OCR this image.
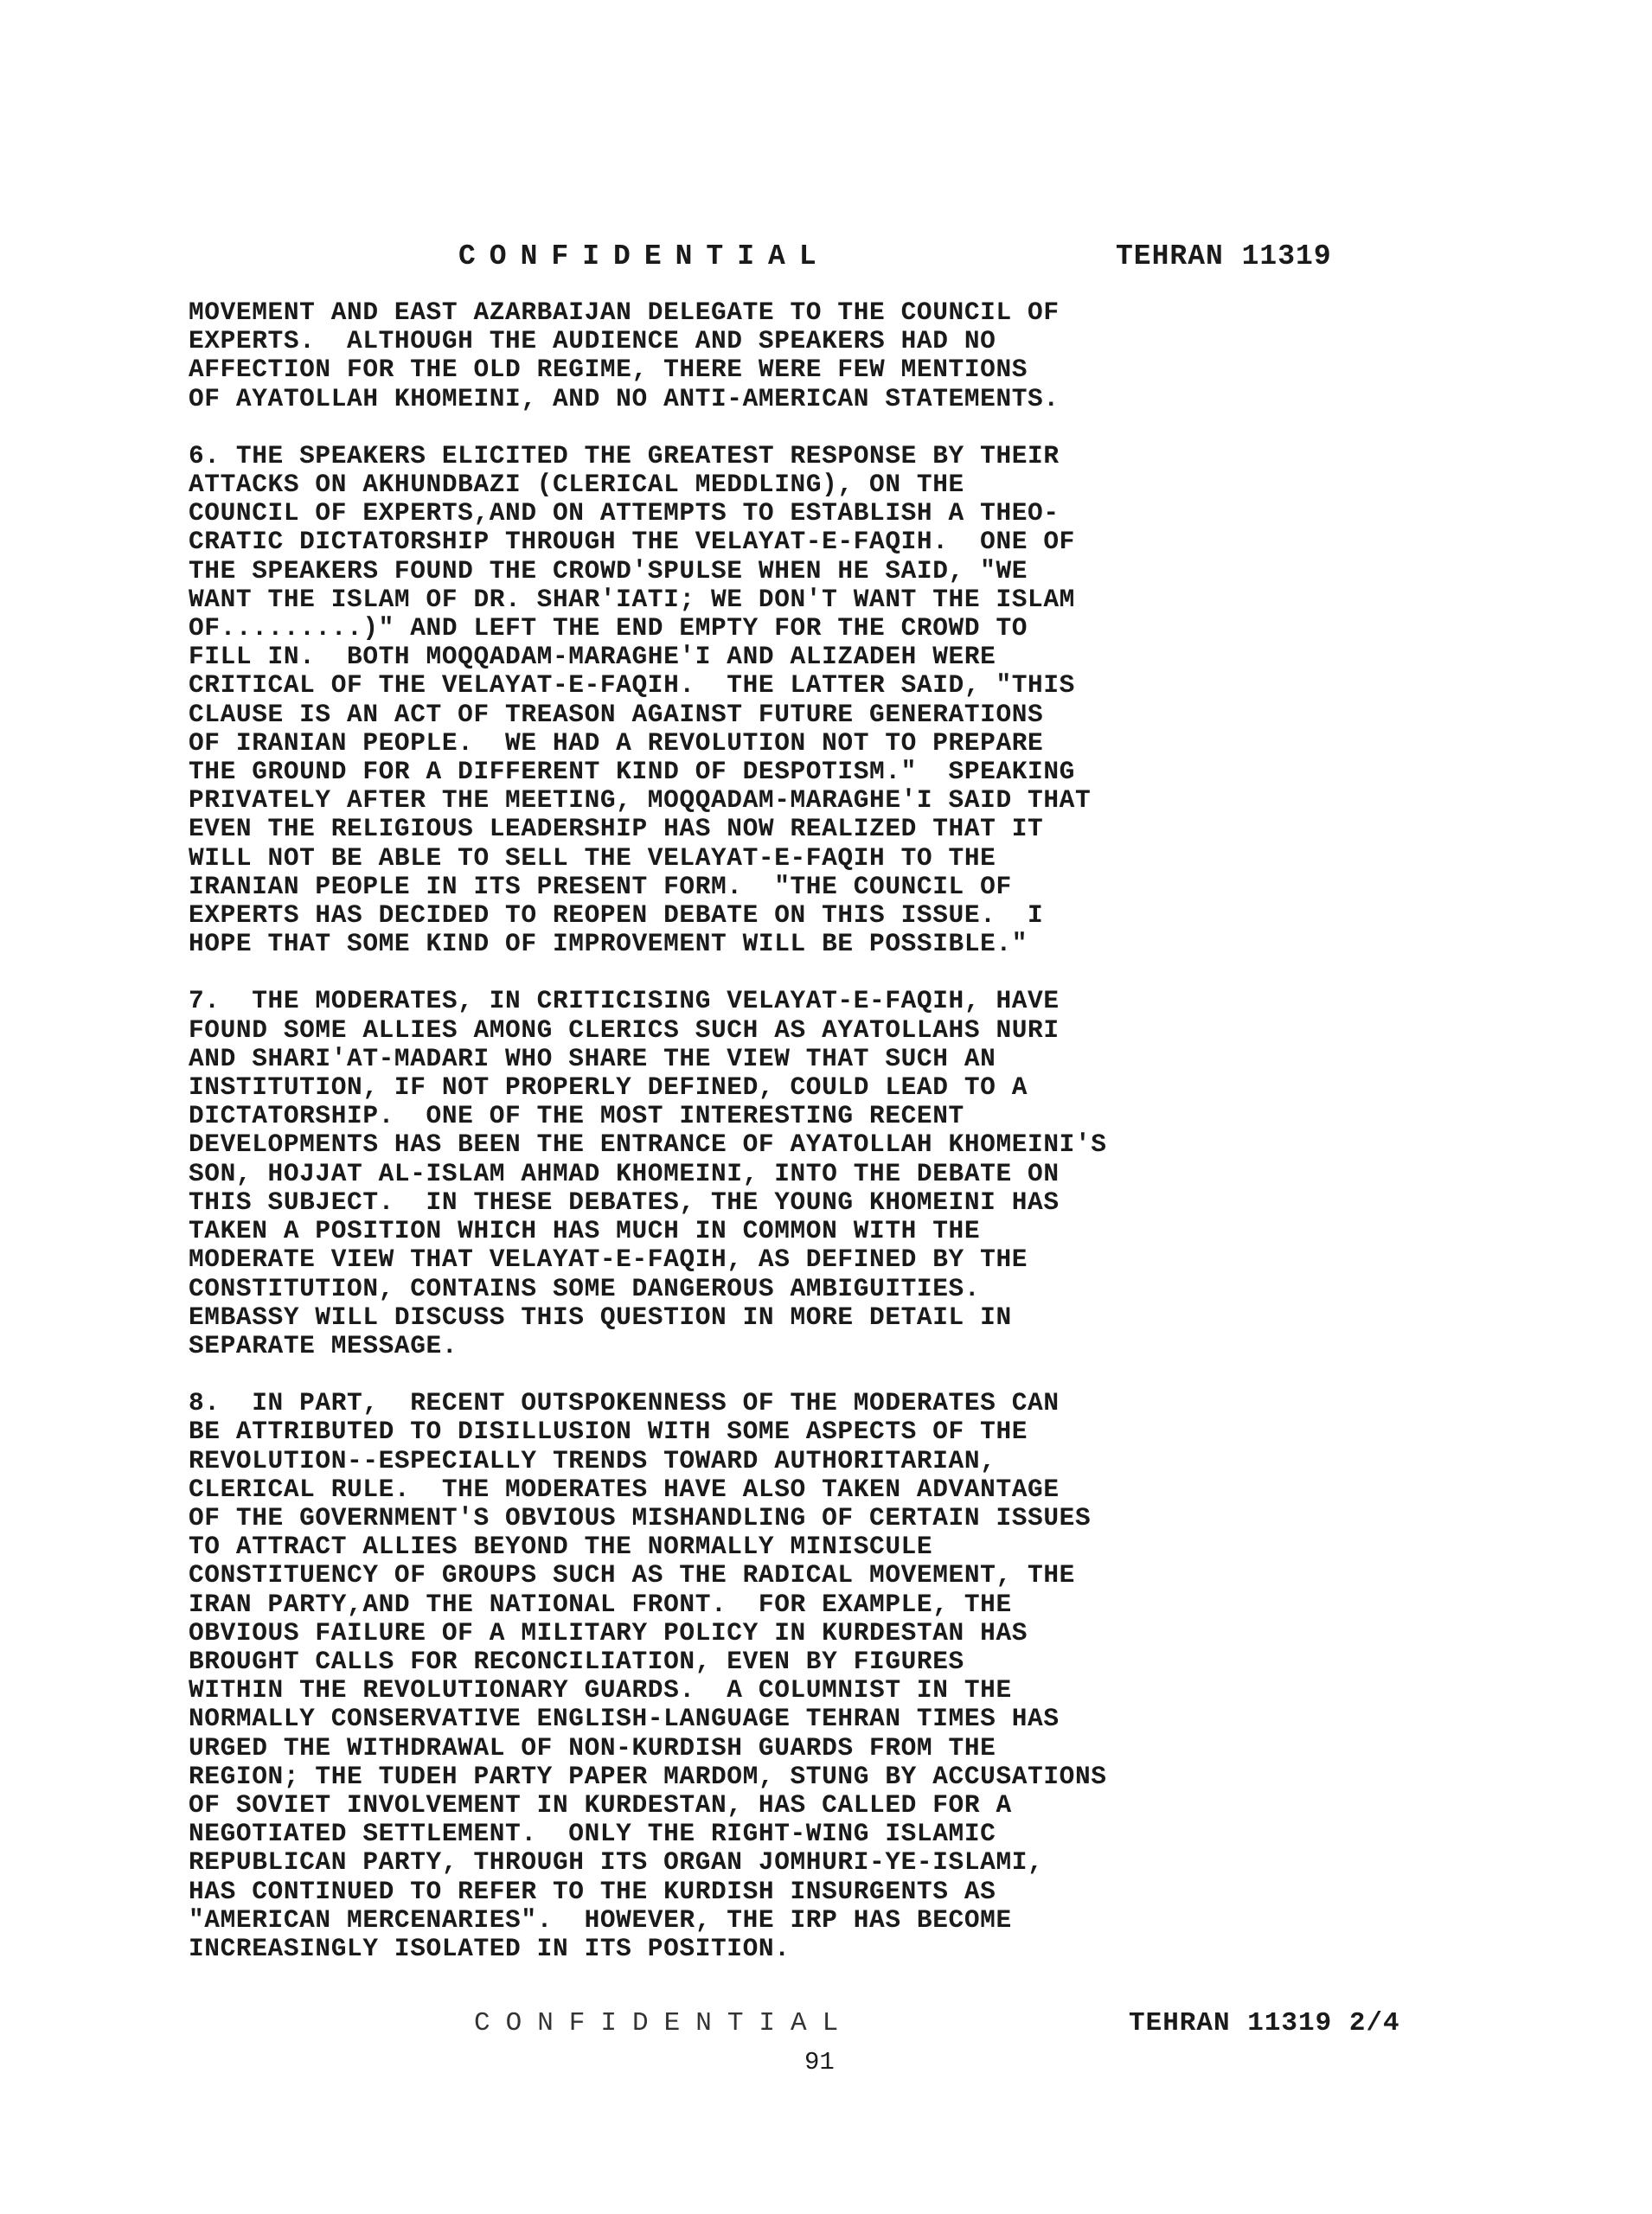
CONFIDENTIAL

	TEHRAN 11319

MOVEMENT AND EAST AZARBAIJAN DELEGATE TO THE COUNCIL OF
EXPERTS.  ALTHOUGH THE AUDIENCE AND SPEAKERS HAD NO
AFFECTION FOR THE OLD REGIME, THERE WERE FEW MENTIONS
OF AYATOLLAH KHOMEINI, AND NO ANTI-AMERICAN STATEMENTS.
6. THE SPEAKERS ELICITED THE GREATEST RESPONSE BY THEIR
ATTACKS ON AKHUNDBAZI (CLERICAL MEDDLING), ON THE
COUNCIL OF EXPERTS,AND ON ATTEMPTS TO ESTABLISH A THEO-
CRATIC DICTATORSHIP THROUGH THE VELAYAT-E-FAQIH.  ONE OF
THE SPEAKERS FOUND THE CROWD'SPULSE WHEN HE SAID, "WE
WANT THE ISLAM OF DR. SHAR'IATI; WE DON'T WANT THE ISLAM
OF.........)" AND LEFT THE END EMPTY FOR THE CROWD TO
FILL IN.  BOTH MOQQADAM-MARAGHE'I AND ALIZADEH WERE
CRITICAL OF THE VELAYAT-E-FAQIH.  THE LATTER SAID, "THIS
CLAUSE IS AN ACT OF TREASON AGAINST FUTURE GENERATIONS
OF IRANIAN PEOPLE.  WE HAD A REVOLUTION NOT TO PREPARE
THE GROUND FOR A DIFFERENT KIND OF DESPOTISM."  SPEAKING
PRIVATELY AFTER THE MEETING, MOQQADAM-MARAGHE'I SAID THAT
EVEN THE RELIGIOUS LEADERSHIP HAS NOW REALIZED THAT IT
WILL NOT BE ABLE TO SELL THE VELAYAT-E-FAQIH TO THE
IRANIAN PEOPLE IN ITS PRESENT FORM.  "THE COUNCIL OF
EXPERTS HAS DECIDED TO REOPEN DEBATE ON THIS ISSUE.  I
HOPE THAT SOME KIND OF IMPROVEMENT WILL BE POSSIBLE."
7.  THE MODERATES, IN CRITICISING VELAYAT-E-FAQIH, HAVE
FOUND SOME ALLIES AMONG CLERICS SUCH AS AYATOLLAHS NURI
AND SHARI'AT-MADARI WHO SHARE THE VIEW THAT SUCH AN
INSTITUTION, IF NOT PROPERLY DEFINED, COULD LEAD TO A
DICTATORSHIP.  ONE OF THE MOST INTERESTING RECENT
DEVELOPMENTS HAS BEEN THE ENTRANCE OF AYATOLLAH KHOMEINI'S
SON, HOJJAT AL-ISLAM AHMAD KHOMEINI, INTO THE DEBATE ON
THIS SUBJECT.  IN THESE DEBATES, THE YOUNG KHOMEINI HAS
TAKEN A POSITION WHICH HAS MUCH IN COMMON WITH THE
MODERATE VIEW THAT VELAYAT-E-FAQIH, AS DEFINED BY THE
CONSTITUTION, CONTAINS SOME DANGEROUS AMBIGUITIES.
EMBASSY WILL DISCUSS THIS QUESTION IN MORE DETAIL IN
SEPARATE MESSAGE.
8.  IN PART,  RECENT OUTSPOKENNESS OF THE MODERATES CAN
BE ATTRIBUTED TO DISILLUSION WITH SOME ASPECTS OF THE
REVOLUTION--ESPECIALLY TRENDS TOWARD AUTHORITARIAN,
CLERICAL RULE.  THE MODERATES HAVE ALSO TAKEN ADVANTAGE
OF THE GOVERNMENT'S OBVIOUS MISHANDLING OF CERTAIN ISSUES
TO ATTRACT ALLIES BEYOND THE NORMALLY MINISCULE
CONSTITUENCY OF GROUPS SUCH AS THE RADICAL MOVEMENT, THE
IRAN PARTY,AND THE NATIONAL FRONT.  FOR EXAMPLE, THE
OBVIOUS FAILURE OF A MILITARY POLICY IN KURDESTAN HAS
BROUGHT CALLS FOR RECONCILIATION, EVEN BY FIGURES
WITHIN THE REVOLUTIONARY GUARDS.  A COLUMNIST IN THE
NORMALLY CONSERVATIVE ENGLISH-LANGUAGE TEHRAN TIMES HAS
URGED THE WITHDRAWAL OF NON-KURDISH GUARDS FROM THE
REGION; THE TUDEH PARTY PAPER MARDOM, STUNG BY ACCUSATIONS
OF SOVIET INVOLVEMENT IN KURDESTAN, HAS CALLED FOR A
NEGOTIATED SETTLEMENT.  ONLY THE RIGHT-WING ISLAMIC
REPUBLICAN PARTY, THROUGH ITS ORGAN JOMHURI-YE-ISLAMI,
HAS CONTINUED TO REFER TO THE KURDISH INSURGENTS AS
"AMERICAN MERCENARIES".  HOWEVER, THE IRP HAS BECOME
INCREASINGLY ISOLATED IN ITS POSITION.

CONFIDENTIAL

	TEHRAN 11319 2/4

91
